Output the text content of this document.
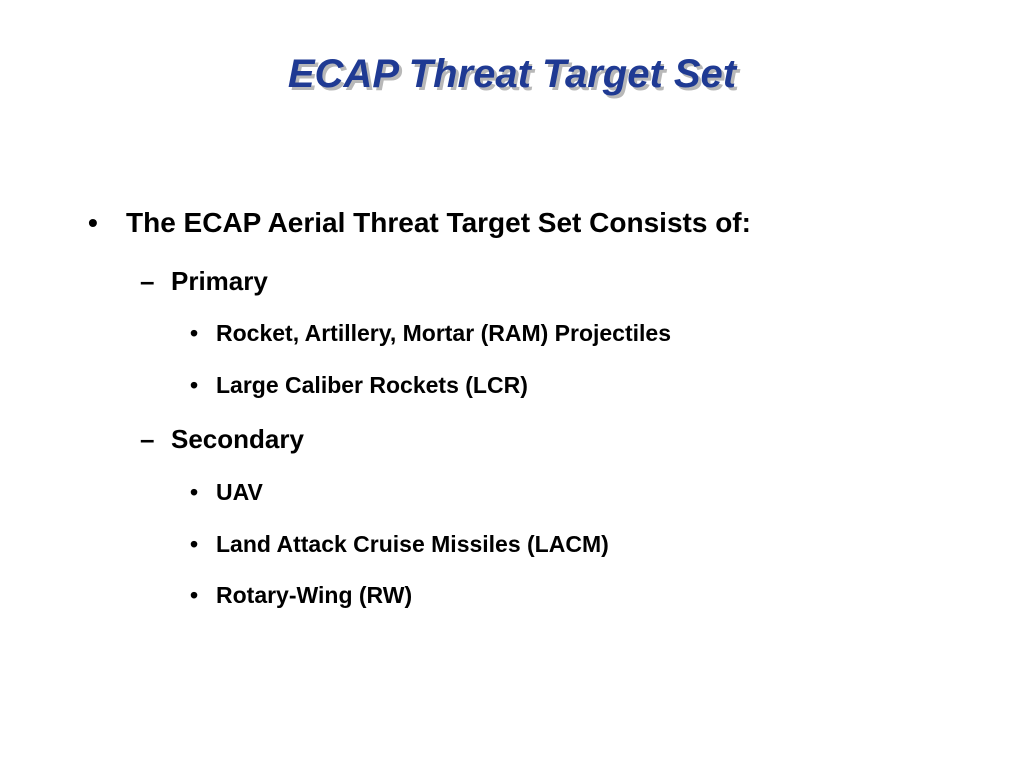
ECAP Threat Target Set
• The ECAP Aerial Threat Target Set Consists of:
– Primary
• Rocket, Artillery, Mortar (RAM) Projectiles
• Large Caliber Rockets (LCR)
– Secondary
• UAV
• Land Attack Cruise Missiles (LACM)
• Rotary-Wing (RW)
